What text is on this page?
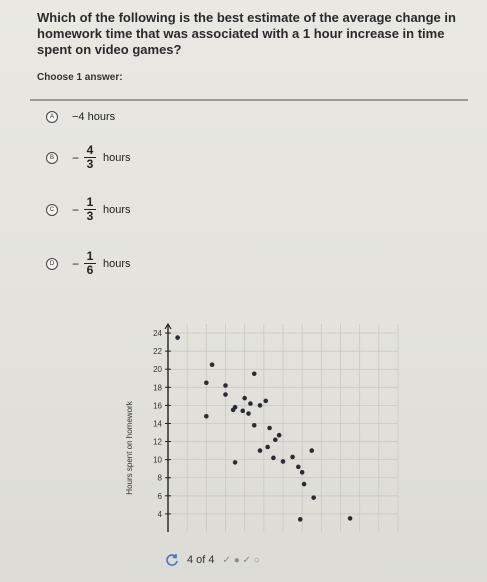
Which of the following is the best estimate of the average change in homework time that was associated with a 1 hour increase in time spent on video games?
Choose 1 answer:
A	−4 hours
B	− $\frac{4}{3}$ hours
C	− $\frac{1}{3}$ hours
D	− $\frac{1}{6}$ hours
4
6
8
10
12
14
16
18
20
22
24
Hours spent on homework
4 of 4 ✓ ● ✓ ○
